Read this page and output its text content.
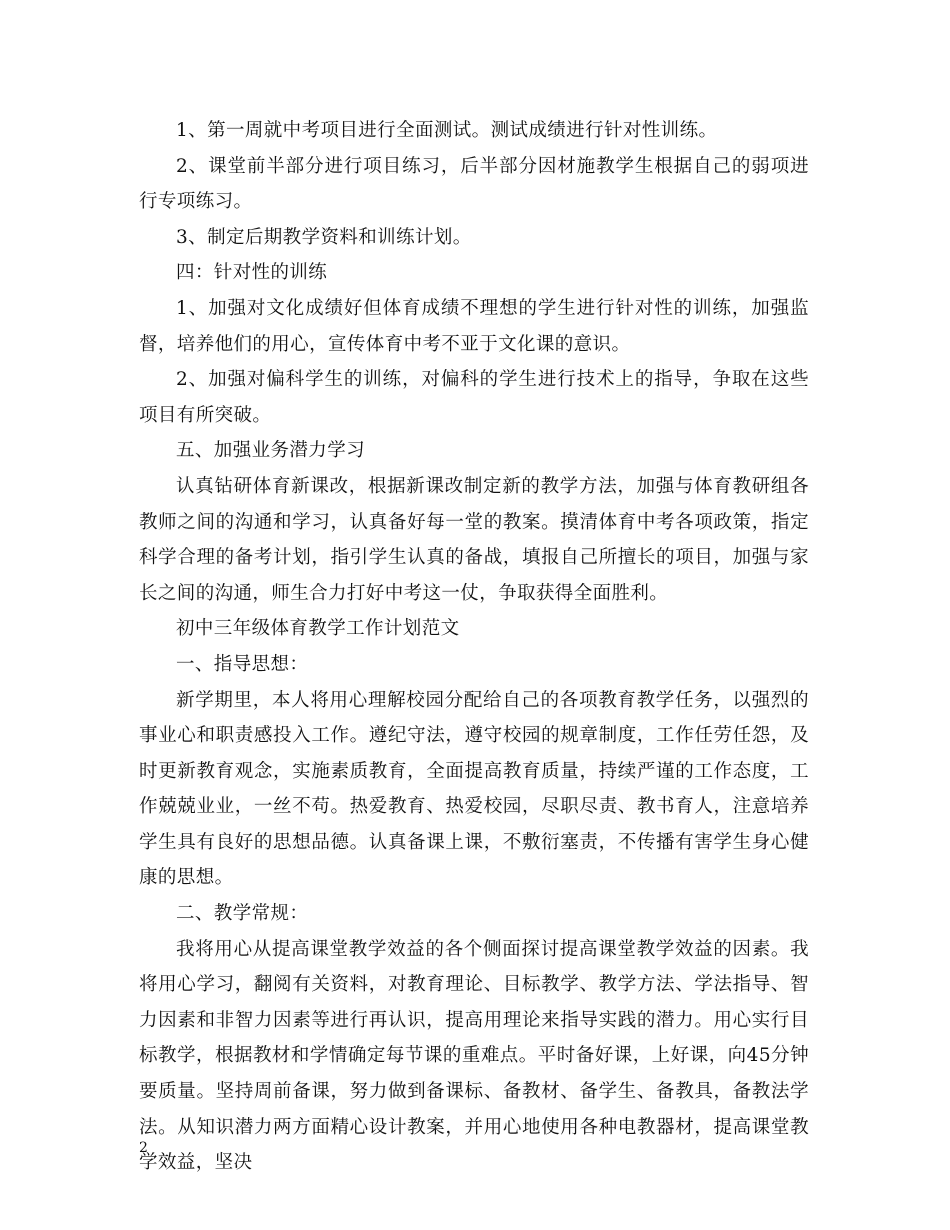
1、第一周就中考项目进行全面测试。测试成绩进行针对性训练。

2、课堂前半部分进行项目练习，后半部分因材施教学生根据自己的弱项进行专项练习。

3、制定后期教学资料和训练计划。

四：针对性的训练

1、加强对文化成绩好但体育成绩不理想的学生进行针对性的训练，加强监督，培养他们的用心，宣传体育中考不亚于文化课的意识。

2、加强对偏科学生的训练，对偏科的学生进行技术上的指导，争取在这些项目有所突破。

五、加强业务潜力学习

认真钻研体育新课改，根据新课改制定新的教学方法，加强与体育教研组各教师之间的沟通和学习，认真备好每一堂的教案。摸清体育中考各项政策，指定科学合理的备考计划，指引学生认真的备战，填报自己所擅长的项目，加强与家长之间的沟通，师生合力打好中考这一仗，争取获得全面胜利。

初中三年级体育教学工作计划范文

一、指导思想：

新学期里，本人将用心理解校园分配给自己的各项教育教学任务，以强烈的事业心和职责感投入工作。遵纪守法，遵守校园的规章制度，工作任劳任怨，及时更新教育观念，实施素质教育，全面提高教育质量，持续严谨的工作态度，工作兢兢业业，一丝不苟。热爱教育、热爱校园，尽职尽责、教书育人，注意培养学生具有良好的思想品德。认真备课上课，不敷衍塞责，不传播有害学生身心健康的思想。

二、教学常规：

我将用心从提高课堂教学效益的各个侧面探讨提高课堂教学效益的因素。我将用心学习，翻阅有关资料，对教育理论、目标教学、教学方法、学法指导、智力因素和非智力因素等进行再认识，提高用理论来指导实践的潜力。用心实行目标教学，根据教材和学情确定每节课的重难点。平时备好课，上好课，向45分钟要质量。坚持周前备课，努力做到备课标、备教材、备学生、备教具，备教法学法。从知识潜力两方面精心设计教案，并用心地使用各种电教器材，提高课堂教学效益，坚决

2
